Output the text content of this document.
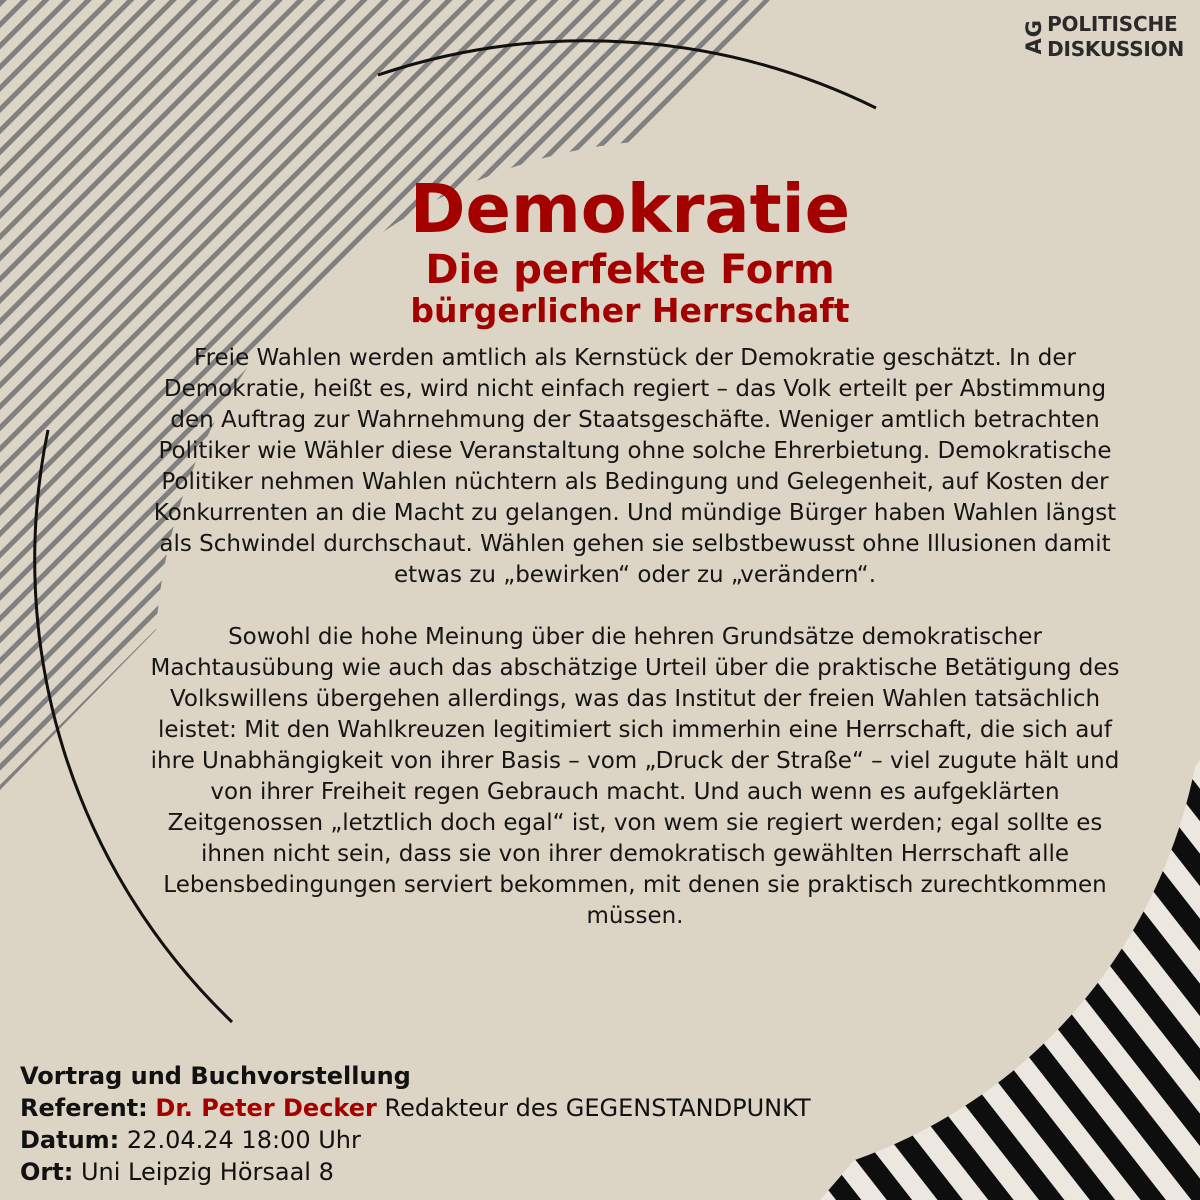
AG POLITISCHE
DISKUSSION
Demokratie
Die perfekte Form
bürgerlicher Herrschaft

Freie Wahlen werden amtlich als Kernstück der Demokratie geschätzt. In der Demokratie, heißt es, wird nicht einfach regiert – das Volk erteilt per Abstimmung den Auftrag zur Wahrnehmung der Staatsgeschäfte. Weniger amtlich betrachten Politiker wie Wähler diese Veranstaltung ohne solche Ehrerbietung. Demokratische Politiker nehmen Wahlen nüchtern als Bedingung und Gelegenheit, auf Kosten der Konkurrenten an die Macht zu gelangen. Und mündige Bürger haben Wahlen längst als Schwindel durchschaut. Wählen gehen sie selbstbewusst ohne Illusionen damit etwas zu „bewirken“ oder zu „verändern“.

Sowohl die hohe Meinung über die hehren Grundsätze demokratischer Machtausübung wie auch das abschätzige Urteil über die praktische Betätigung des Volkswillens übergehen allerdings, was das Institut der freien Wahlen tatsächlich leistet: Mit den Wahlkreuzen legitimiert sich immerhin eine Herrschaft, die sich auf ihre Unabhängigkeit von ihrer Basis – vom „Druck der Straße“ – viel zugute hält und von ihrer Freiheit regen Gebrauch macht. Und auch wenn es aufgeklärten Zeitgenossen „letztlich doch egal“ ist, von wem sie regiert werden; egal sollte es ihnen nicht sein, dass sie von ihrer demokratisch gewählten Herrschaft alle Lebensbedingungen serviert bekommen, mit denen sie praktisch zurechtkommen müssen.

Vortrag und Buchvorstellung
Referent: Dr. Peter Decker Redakteur des GEGENSTANDPUNKT
Datum: 22.04.24 18:00 Uhr
Ort: Uni Leipzig Hörsaal 8
